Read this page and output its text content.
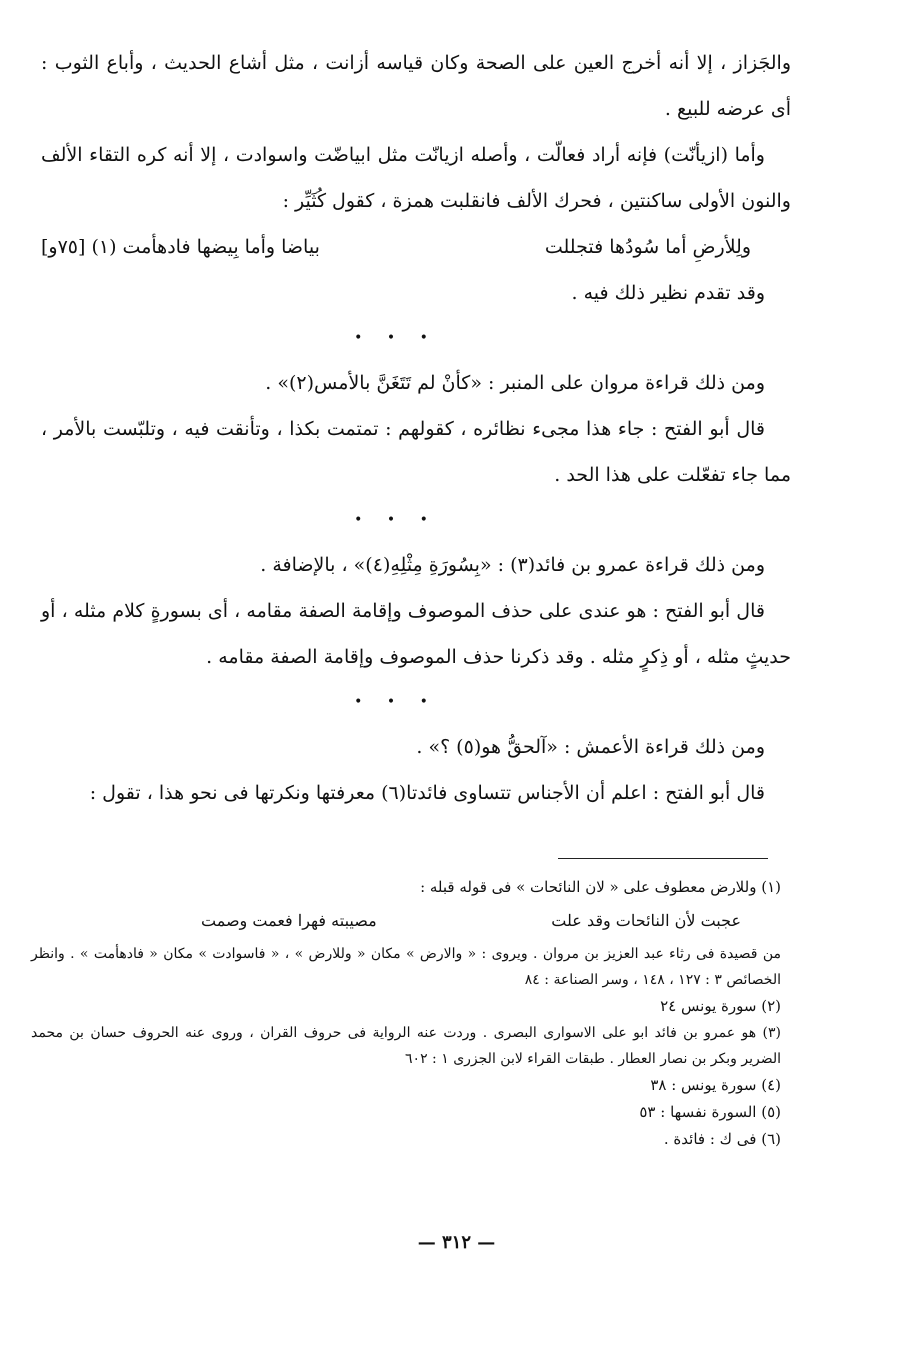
والجَزاز ، إلا أنه أخرج العين على الصحة وكان قياسه أزانت ، مثل أشاع الحديث ، وأباع الثوب : أى عرضه للبيع .

وأما (ازيأنّت) فإنه أراد فعالّت ، وأصله ازيانّت مثل ابياضّت واسوادت ، إلا أنه كره التقاء الألف والنون الأولى ساكنتين ، فحرك الألف فانقلبت همزة ، كقول كُثَيِّر :

ولِلأرضِ أما سُودُها فتجللت
بياضا وأما بِيضها فادهأمت (١) [٧٥و]

وقد تقدم نظير ذلك فيه .

• • •

ومن ذلك قراءة مروان على المنبر : «كأنْ لم تَتَغَنَّ بالأمس(٢)» .

قال أبو الفتح : جاء هذا مجىء نظائره ، كقولهم : تمتمت بكذا ، وتأنقت فيه ، وتلبّست بالأمر ، مما جاء تفعّلت على هذا الحد .

• • •

ومن ذلك قراءة عمرو بن فائد(٣) : «بِسُورَةِ مِثْلِهِ(٤)» ، بالإضافة .

قال أبو الفتح : هو عندى على حذف الموصوف وإقامة الصفة مقامه ، أى بسورةٍ كلام مثله ، أو حديثٍ مثله ، أو ذِكرٍ مثله . وقد ذكرنا حذف الموصوف وإقامة الصفة مقامه .

• • •

ومن ذلك قراءة الأعمش : «آلحقُّ هو(٥) ؟» .

قال أبو الفتح : اعلم أن الأجناس تتساوى فائدتا(٦) معرفتها ونكرتها فى نحو هذا ، تقول :

(١) وللارض معطوف على « لان النائحات » فى قوله قبله :

عجبت لأن النائحات وقد علت
مصيبته فهرا فعمت وصمت

من قصيدة فى رثاء عبد العزيز بن مروان . ويروى : « والارض » مكان « وللارض » ، « فاسوادت » مكان « فادهأمت » . وانظر الخصائص ٣ : ١٢٧ ، ١٤٨ ، وسر الصناعة : ٨٤

(٢) سورة يونس ٢٤

(٣) هو عمرو بن فائد ابو على الاسوارى البصرى . وردت عنه الرواية فى حروف القران ، وروى عنه الحروف حسان بن محمد الضرير وبكر بن نصار العطار . طبقات القراء لابن الجزرى ١ : ٦٠٢

(٤) سورة يونس : ٣٨

(٥) السورة نفسها : ٥٣

(٦) فى ك : فائدة .

— ٣١٢ —
